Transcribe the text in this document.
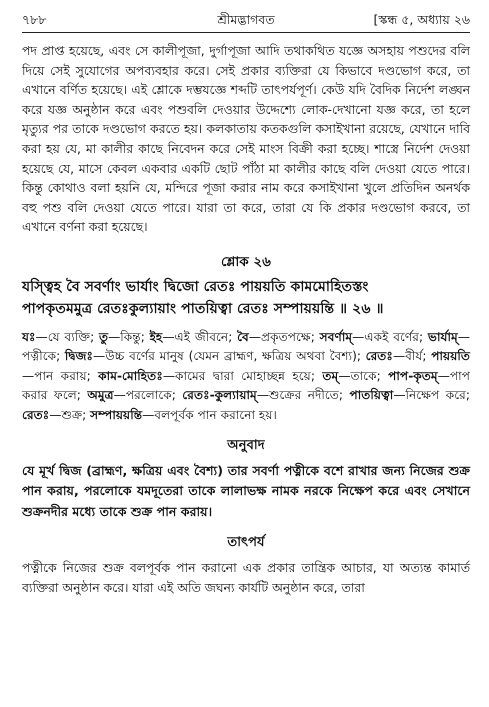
৭৮৮	শ্রীমদ্ভাগবত	[স্কন্ধ ৫, অধ্যায় ২৬

পদ প্রাপ্ত হয়েছে, এবং সে কালীপূজা, দুর্গাপূজা আদি তথাকথিত যজ্ঞে অসহায় পশুদের বলি দিয়ে সেই সুযোগের অপব্যবহার করে। সেই প্রকার ব্যক্তিরা যে কিভাবে দণ্ডভোগ করে, তা এখানে বর্ণিত হয়েছে। এই শ্লোকে দম্ভযজ্ঞে শব্দটি তাৎপর্যপূর্ণ। কেউ যদি বৈদিক নির্দেশ লঙ্ঘন করে যজ্ঞ অনুষ্ঠান করে এবং পশুবলি দেওয়ার উদ্দেশ্যে লোক-দেখানো যজ্ঞ করে, তা হলে মৃত্যুর পর তাকে দণ্ডভোগ করতে হয়। কলকাতায় কতকগুলি কসাইখানা রয়েছে, যেখানে দাবি করা হয় যে, মা কালীর কাছে নিবেদন করে সেই মাংস বিক্রী করা হচ্ছে। শাস্ত্রে নির্দেশ দেওয়া হয়েছে যে, মাসে কেবল একবার একটি ছোট পাঁঠা মা কালীর কাছে বলি দেওয়া যেতে পারে। কিন্তু কোথাও বলা হয়নি যে, মন্দিরে পূজা করার নাম করে কসাইখানা খুলে প্রতিদিন অনর্থক বহু পশু বলি দেওয়া যেতে পারে। যারা তা করে, তারা যে কি প্রকার দণ্ডভোগ করবে, তা এখানে বর্ণনা করা হয়েছে।

শ্লোক ২৬
যস্ত্বিহ বৈ সবর্ণাং ভার্যাং দ্বিজো রেতঃ পায়য়তি কামমোহিতস্তং
পাপকৃতমমুত্র রেতঃকুল্যায়াং পাতয়িত্বা রেতঃ সম্পায়য়ন্তি ॥ ২৬ ॥

যঃ—যে ব্যক্তি; তু—কিন্তু; ইহ—এই জীবনে; বৈ—প্রকৃতপক্ষে; সবর্ণাম্—একই বর্ণের; ভার্যাম্—পত্নীকে; দ্বিজঃ—উচ্চ বর্ণের মানুষ (যেমন ব্রাহ্মণ, ক্ষত্রিয় অথবা বৈশ্য); রেতঃ—বীর্য; পায়য়তি—পান করায়; কাম-মোহিতঃ—কামের দ্বারা মোহাচ্ছন্ন হয়ে; তম্—তাকে; পাপ-কৃতম্—পাপ করার ফলে; অমুত্র—পরলোকে; রেতঃ-কুল্যায়াম্—শুক্রের নদীতে; পাতয়িত্বা—নিক্ষেপ করে; রেতঃ—শুক্র; সম্পায়য়ন্তি—বলপূর্বক পান করানো হয়।

অনুবাদ

যে মূর্খ দ্বিজ (ব্রাহ্মণ, ক্ষত্রিয় এবং বৈশ্য) তার সবর্ণা পত্নীকে বশে রাখার জন্য নিজের শুক্র পান করায়, পরলোকে যমদূতেরা তাকে লালাভক্ষ নামক নরকে নিক্ষেপ করে এবং সেখানে শুক্রনদীর মধ্যে তাকে শুক্র পান করায়।

তাৎপর্য

পত্নীকে নিজের শুক্র বলপূর্বক পান করানো এক প্রকার তান্ত্রিক আচার, যা অত্যন্ত কামার্ত ব্যক্তিরা অনুষ্ঠান করে। যারা এই অতি জঘন্য কার্যটি অনুষ্ঠান করে, তারা
